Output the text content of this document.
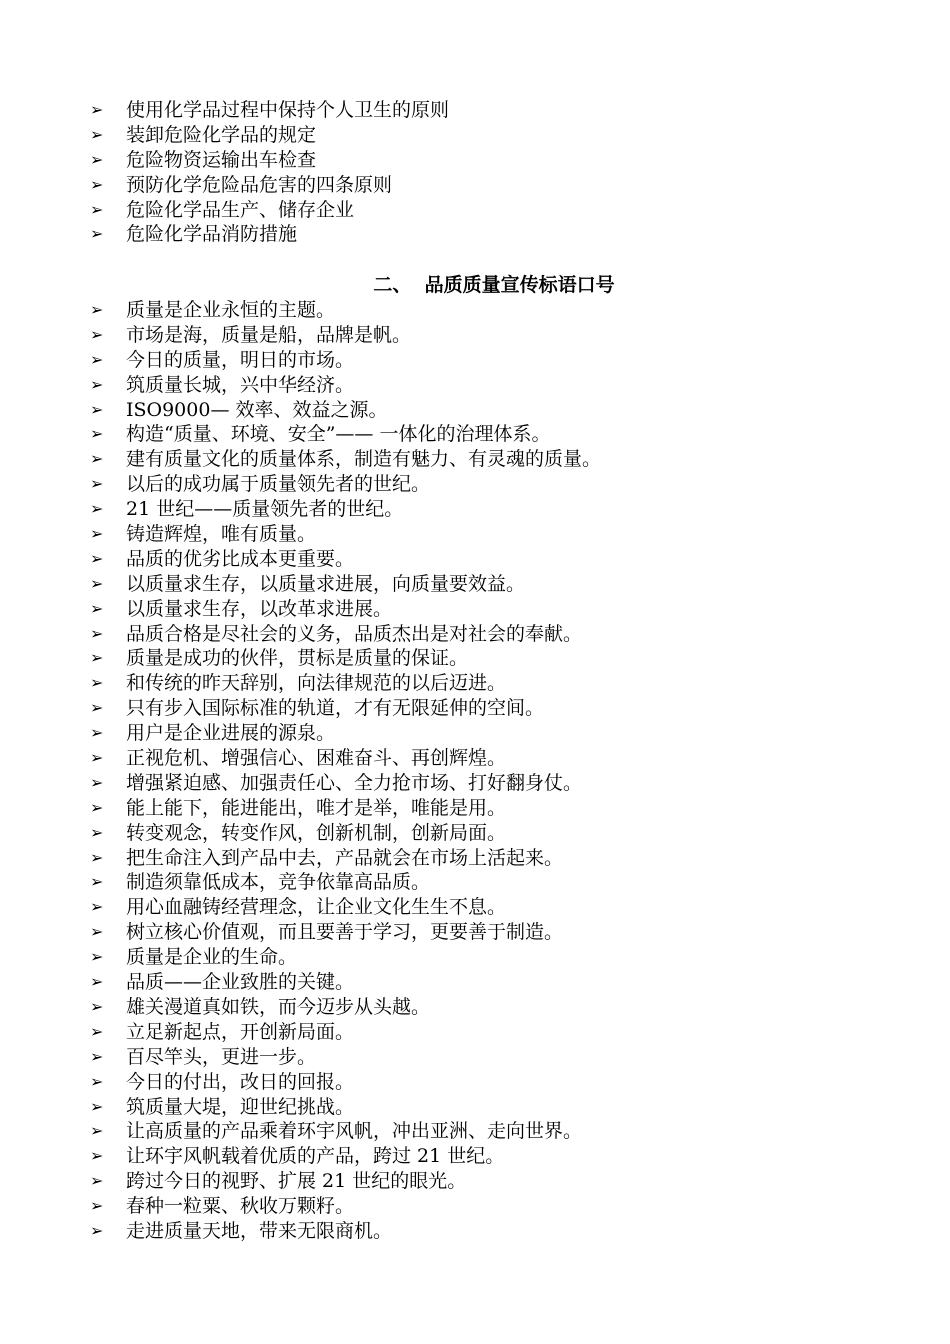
➢	使用化学品过程中保持个人卫生的原则
➢	装卸危险化学品的规定
➢	危险物资运输出车检查
➢	预防化学危险品危害的四条原则
➢	危险化学品生产、储存企业
➢	危险化学品消防措施
二、 品质质量宣传标语口号
➢	质量是企业永恒的主题。
➢	市场是海，质量是船，品牌是帆。
➢	今日的质量，明日的市场。
➢	筑质量长城，兴中华经济。
➢	ISO9000— 效率、效益之源。
➢	构造“质量、环境、安全”—— 一体化的治理体系。
➢	建有质量文化的质量体系，制造有魅力、有灵魂的质量。
➢	以后的成功属于质量领先者的世纪。
➢	21 世纪——质量领先者的世纪。
➢	铸造辉煌，唯有质量。
➢	品质的优劣比成本更重要。
➢	以质量求生存，以质量求进展，向质量要效益。
➢	以质量求生存，以改革求进展。
➢	品质合格是尽社会的义务，品质杰出是对社会的奉献。
➢	质量是成功的伙伴，贯标是质量的保证。
➢	和传统的昨天辞别，向法律规范的以后迈进。
➢	只有步入国际标准的轨道，才有无限延伸的空间。
➢	用户是企业进展的源泉。
➢	正视危机、增强信心、困难奋斗、再创辉煌。
➢	增强紧迫感、加强责任心、全力抢市场、打好翻身仗。
➢	能上能下，能进能出，唯才是举，唯能是用。
➢	转变观念，转变作风，创新机制，创新局面。
➢	把生命注入到产品中去，产品就会在市场上活起来。
➢	制造须靠低成本，竞争依靠高品质。
➢	用心血融铸经营理念，让企业文化生生不息。
➢	树立核心价值观，而且要善于学习，更要善于制造。
➢	质量是企业的生命。
➢	品质——企业致胜的关键。
➢	雄关漫道真如铁，而今迈步从头越。
➢	立足新起点，开创新局面。
➢	百尽竿头，更进一步。
➢	今日的付出，改日的回报。
➢	筑质量大堤，迎世纪挑战。
➢	让高质量的产品乘着环宇风帆，冲出亚洲、走向世界。
➢	让环宇风帆载着优质的产品，跨过 21 世纪。
➢	跨过今日的视野、扩展 21 世纪的眼光。
➢	春种一粒粟、秋收万颗籽。
➢	走进质量天地，带来无限商机。
